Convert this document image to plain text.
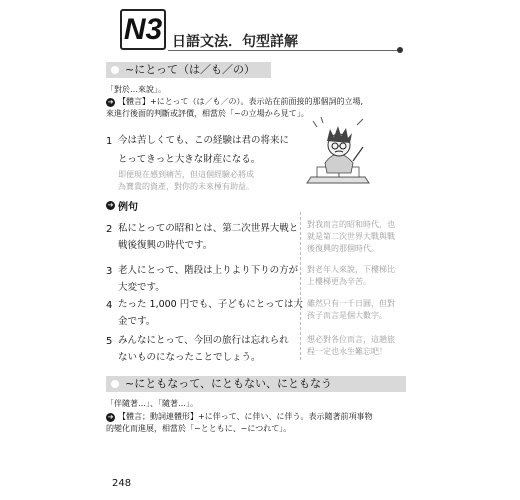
N3 日語文法．句型詳解
~にとって（は／も／の）
「對於…來說」。
➔ 【體言】+にとって（は／も／の）。表示站在前面接的那個詞的立場,
來進行後面的判斷或評價，相當於「~の立場から見て」。
1 今は苦しくても、この経験は君の将来に
とってきっと大きな財産になる。
即便現在感到痛苦，但這個經驗必將成
為寶貴的資產，對你的未來極有助益。
➔ 例句
2 私にとっての昭和とは、第二次世界大戦と
戦後復興の時代です。
對我而言的昭和時代，也
就是第二次世界大戰與戰
後復興的那個時代。
3 老人にとって、階段は上りより下りの方が
大変です。
對老年人來說，下樓梯比
上樓梯更為辛苦。
4 たった 1,000 円でも、子どもにとっては大
金です。
雖然只有一千日圓，但對
孩子而言是個大數字。
5 みんなにとって、今回の旅行は忘れられ
ないものになったことでしょう。
想必對各位而言，這趟旅
程一定也永生難忘吧！
~にともなって、にともない、にともなう
「伴隨著…」、「隨著…」。
➔ 【體言；動詞連體形】+に伴って、に伴い、に伴う。表示隨著前項事物
的變化而進展，相當於「~とともに、~につれて」。
248
